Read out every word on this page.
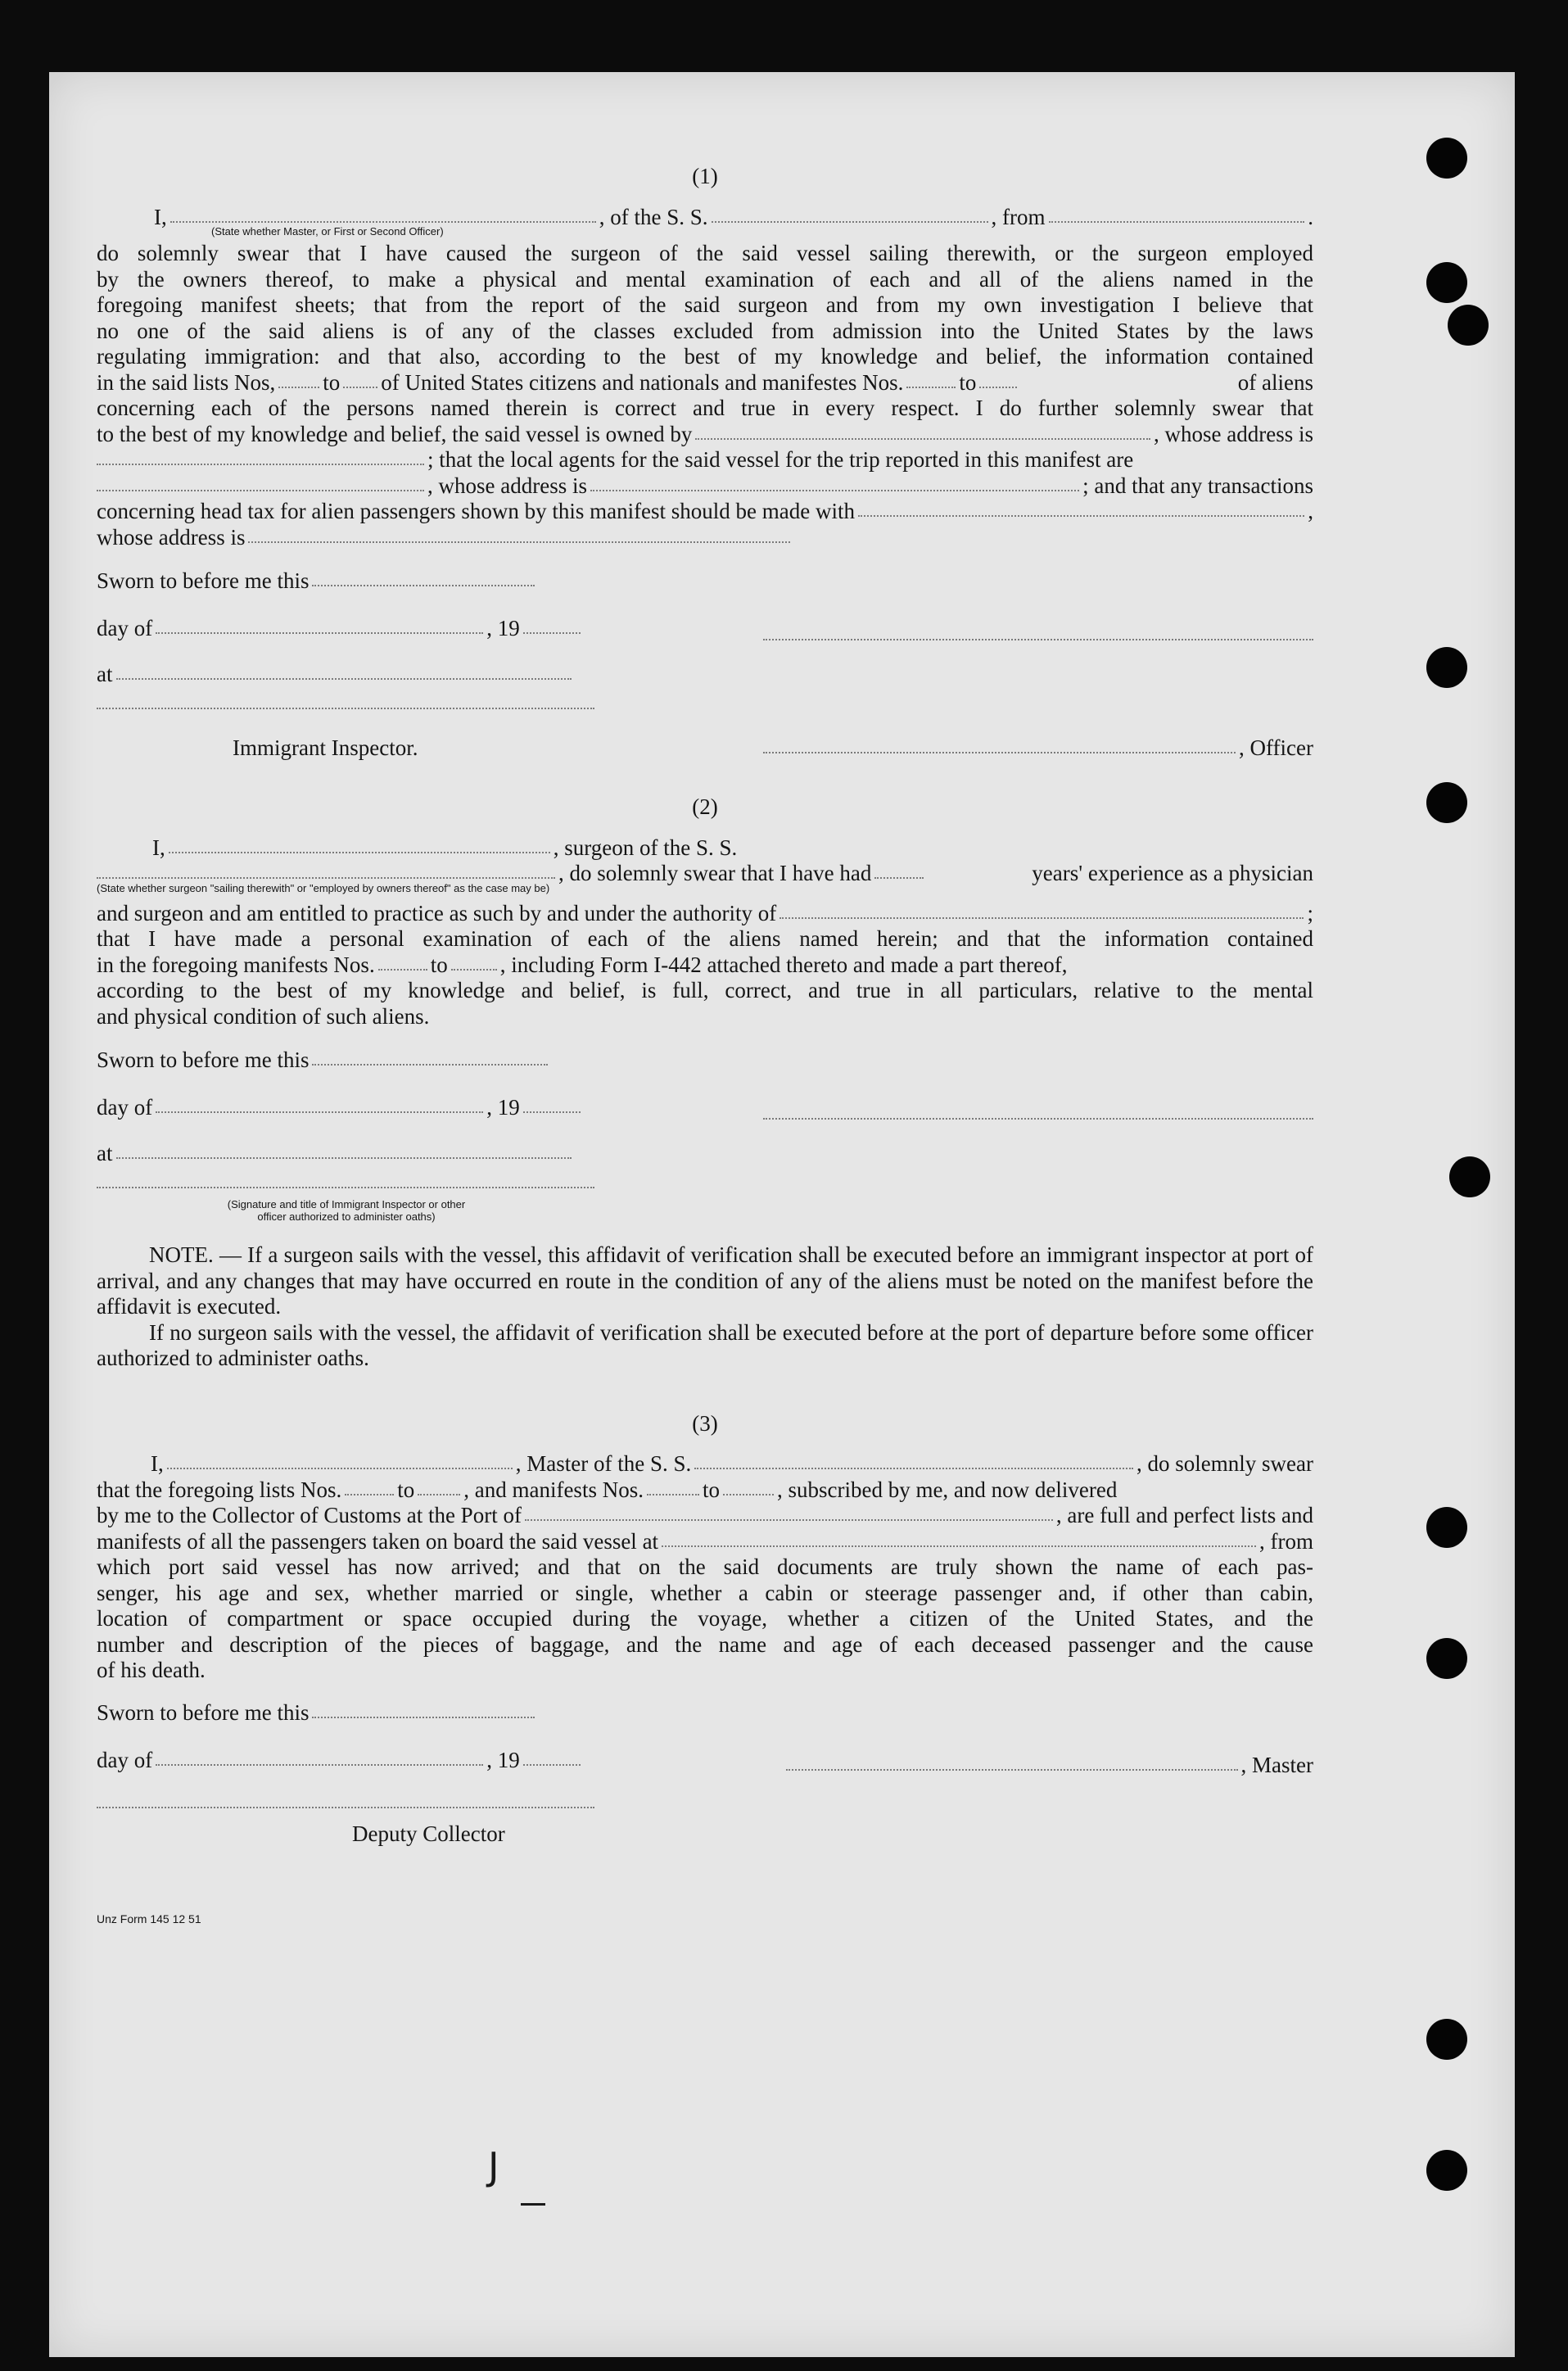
(1)
I,	, of the S. S.	, from	.
(State whether Master, or First or Second Officer)
do solemnly swear that I have caused the surgeon of the said vessel sailing therewith, or the surgeon employed
by the owners thereof, to make a physical and mental examination of each and all of the aliens named in the
foregoing manifest sheets; that from the report of the said surgeon and from my own investigation I believe that
no one of the said aliens is of any of the classes excluded from admission into the United States by the laws
regulating immigration: and that also, according to the best of my knowledge and belief, the information contained
in the said lists Nos, to of United States citizens and nationals and manifestes Nos.	to	of aliens
concerning each of the persons named therein is correct and true in every respect. I do further solemnly swear that
to the best of my knowledge and belief, the said vessel is owned by	, whose address is
; that the local agents for the said vessel for the trip reported in this manifest are
, whose address is	; and that any transactions
concerning head tax for alien passengers shown by this manifest should be made with	,
whose address is
Sworn to before me this
day of	, 19
at
Immigrant Inspector.	, Officer
(2)
I,	, surgeon of the S. S.
, do solemnly swear that I have had	years' experience as a physician
(State whether surgeon "sailing therewith" or "employed by owners thereof" as the case may be)
and surgeon and am entitled to practice as such by and under the authority of	;
that I have made a personal examination of each of the aliens named herein; and that the information contained
in the foregoing manifests Nos.	to , including Form I-442 attached thereto and made a part thereof,
according to the best of my knowledge and belief, is full, correct, and true in all particulars, relative to the mental
and physical condition of such aliens.
Sworn to before me this
day of	, 19
at
(Signature and title of Immigrant Inspector or other
officer authorized to administer oaths)
NOTE. — If a surgeon sails with the vessel, this affidavit of verification shall be executed before an immigrant inspector at port of arrival, and any changes that may have occurred en route in the condition of any of the aliens must be noted on the manifest before the affidavit is executed.
If no surgeon sails with the vessel, the affidavit of verification shall be executed before at the port of departure before some officer authorized to administer oaths.
(3)
I,	, Master of the S. S.	, do solemnly swear
that the foregoing lists Nos.	to , and manifests Nos.	to	, subscribed by me, and now delivered
by me to the Collector of Customs at the Port of	, are full and perfect lists and
manifests of all the passengers taken on board the said vessel at	, from
which port said vessel has now arrived; and that on the said documents are truly shown the name of each pas-
senger, his age and sex, whether married or single, whether a cabin or steerage passenger and, if other than cabin,
location of compartment or space occupied during the voyage, whether a citizen of the United States, and the
number and description of the pieces of baggage, and the name and age of each deceased passenger and the cause
of his death.
Sworn to before me this
day of	, 19	, Master
Deputy Collector
Unz Form 145 12 51
J
